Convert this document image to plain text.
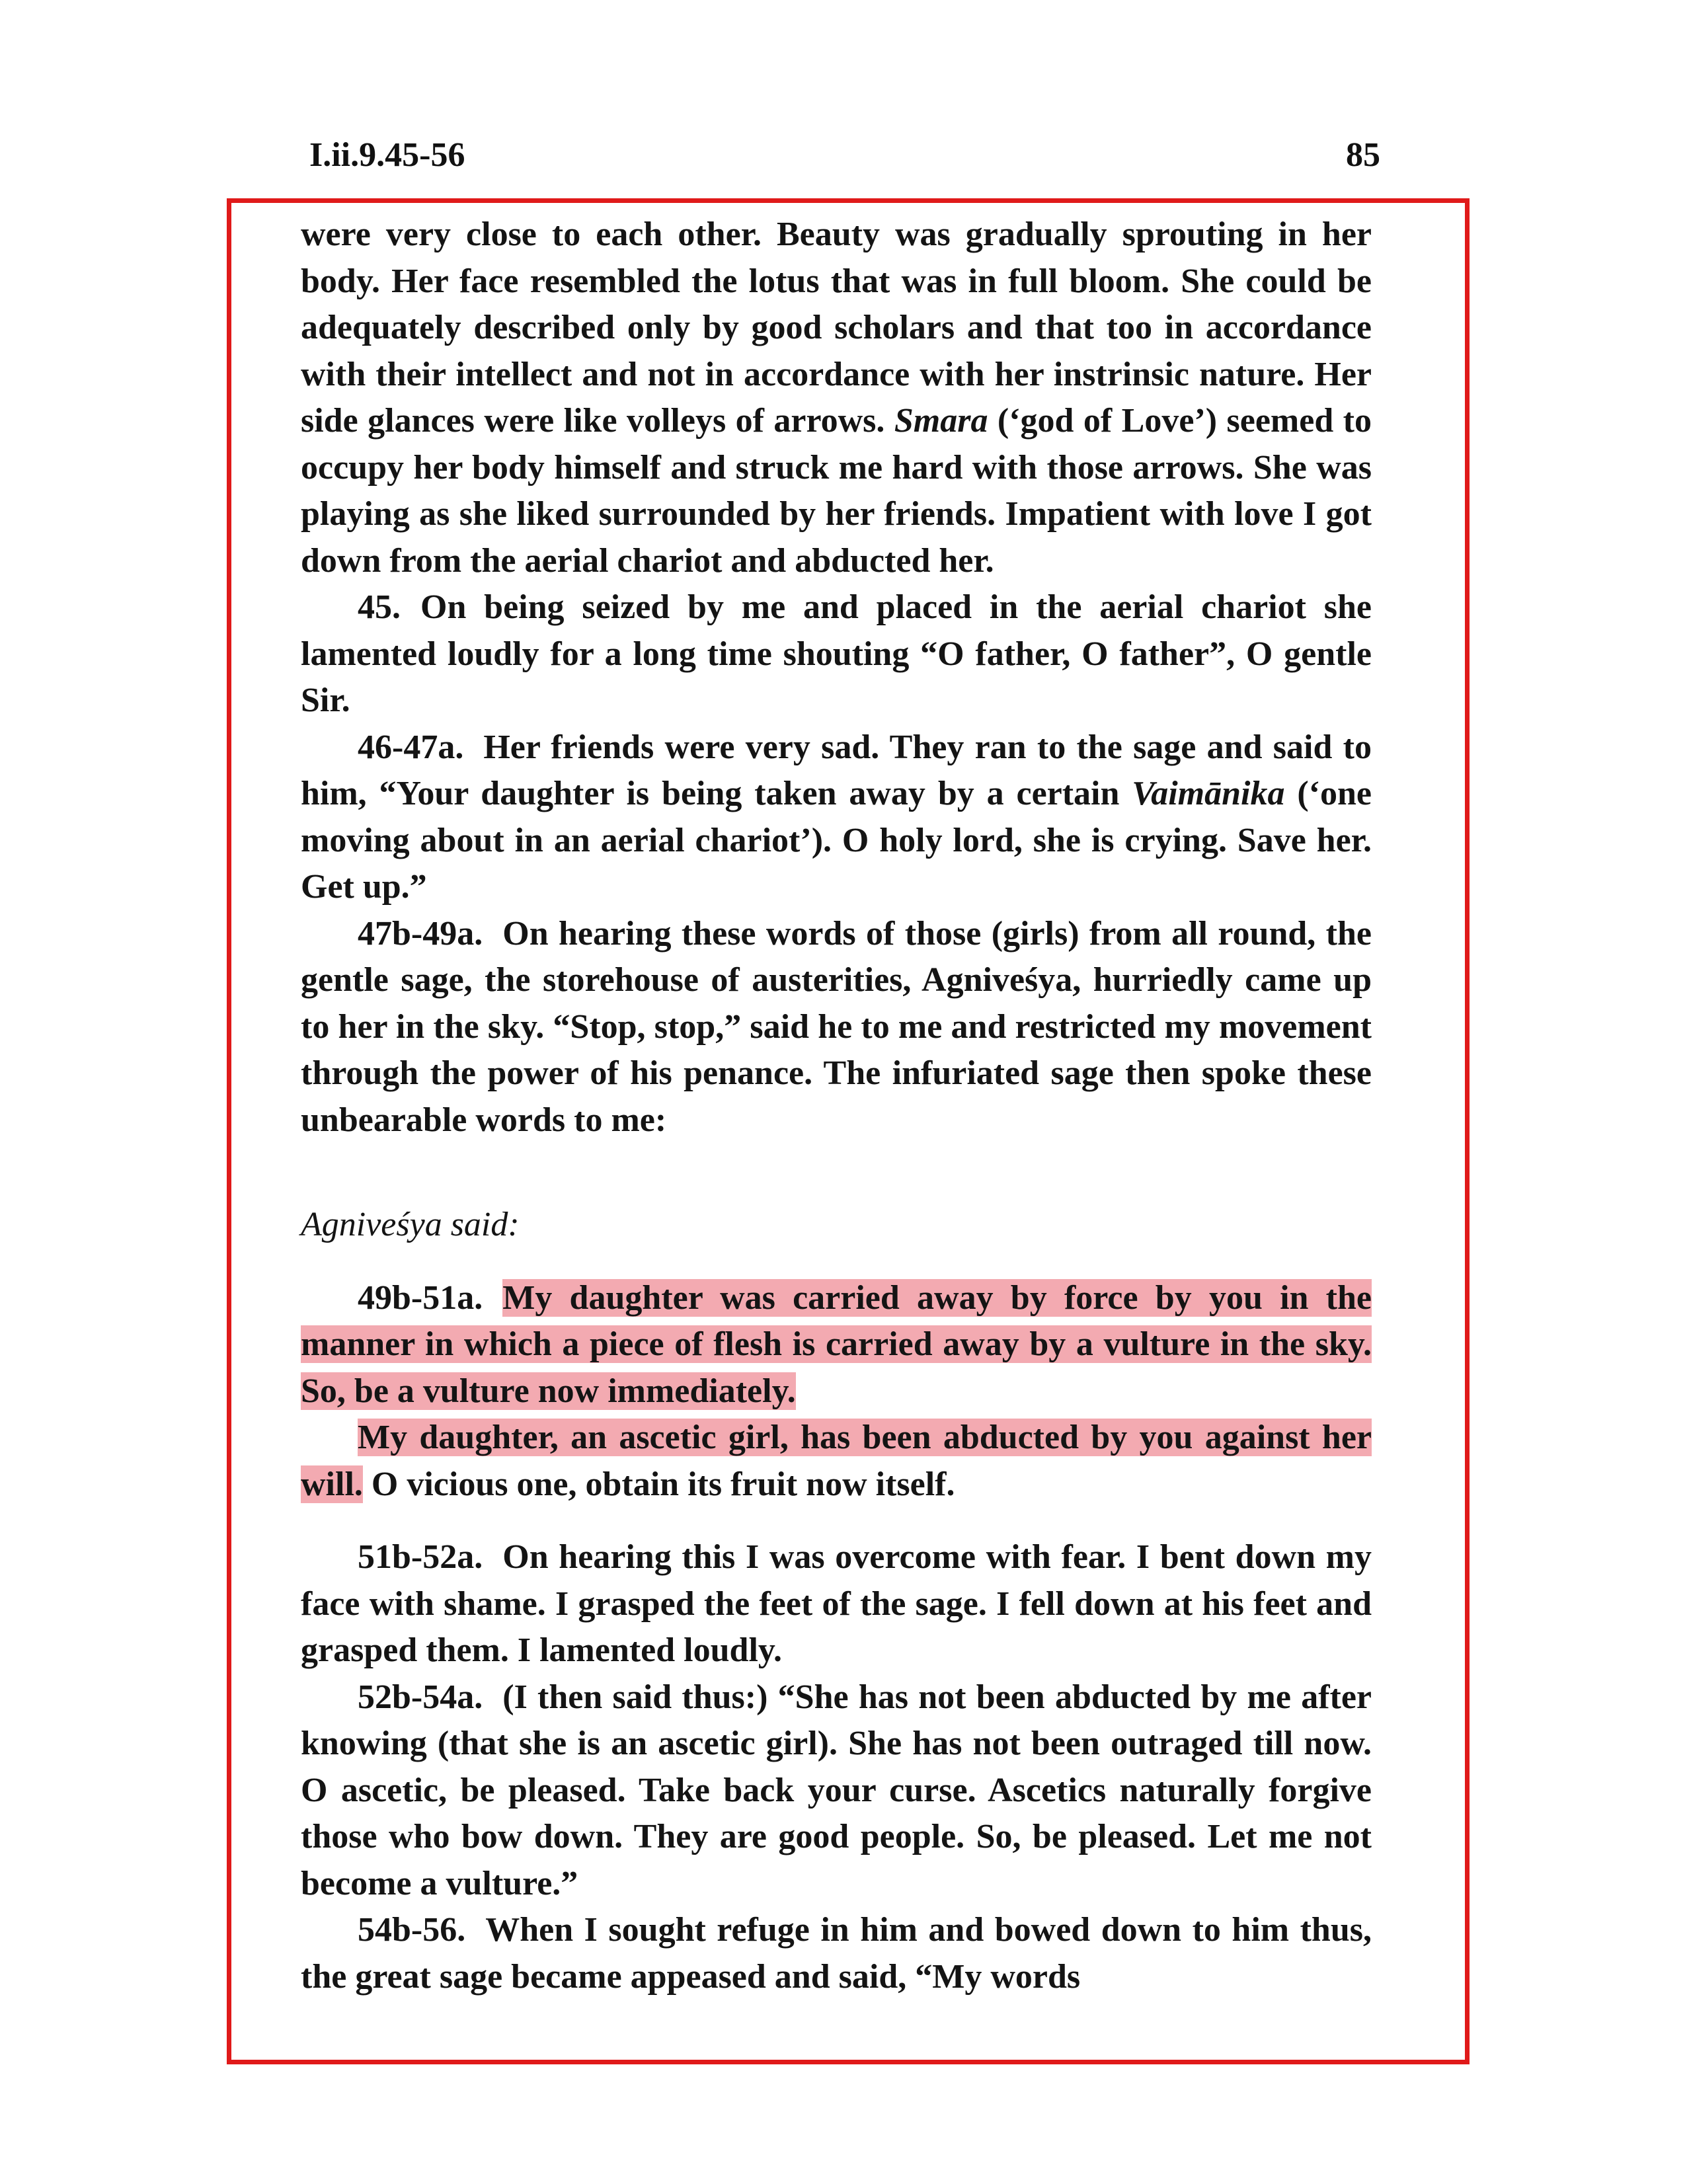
I.ii.9.45-56	85

were very close to each other. Beauty was gradually sprouting in her body. Her face resembled the lotus that was in full bloom. She could be adequately described only by good scholars and that too in accordance with their intellect and not in accordance with her instrinsic nature. Her side glances were like volleys of arrows. Smara (‘god of Love’) seemed to occupy her body himself and struck me hard with those arrows. She was playing as she liked surrounded by her friends. Impatient with love I got down from the aerial chariot and abducted her.

45. On being seized by me and placed in the aerial chariot she lamented loudly for a long time shouting “O father, O father”, O gentle Sir.

46-47a. Her friends were very sad. They ran to the sage and said to him, “Your daughter is being taken away by a certain Vaimānika (‘one moving about in an aerial chariot’). O holy lord, she is crying. Save her. Get up.”

47b-49a. On hearing these words of those (girls) from all round, the gentle sage, the storehouse of austerities, Agniveśya, hurriedly came up to her in the sky. “Stop, stop,” said he to me and restricted my movement through the power of his penance. The infuriated sage then spoke these unbearable words to me:

Agniveśya said:

49b-51a. My daughter was carried away by force by you in the manner in which a piece of flesh is carried away by a vulture in the sky. So, be a vulture now immediately.

My daughter, an ascetic girl, has been abducted by you against her will. O vicious one, obtain its fruit now itself.

51b-52a. On hearing this I was overcome with fear. I bent down my face with shame. I grasped the feet of the sage. I fell down at his feet and grasped them. I lamented loudly.

52b-54a. (I then said thus:) “She has not been abducted by me after knowing (that she is an ascetic girl). She has not been outraged till now. O ascetic, be pleased. Take back your curse. Ascetics naturally forgive those who bow down. They are good people. So, be pleased. Let me not become a vulture.”

54b-56. When I sought refuge in him and bowed down to him thus, the great sage became appeased and said, “My words
